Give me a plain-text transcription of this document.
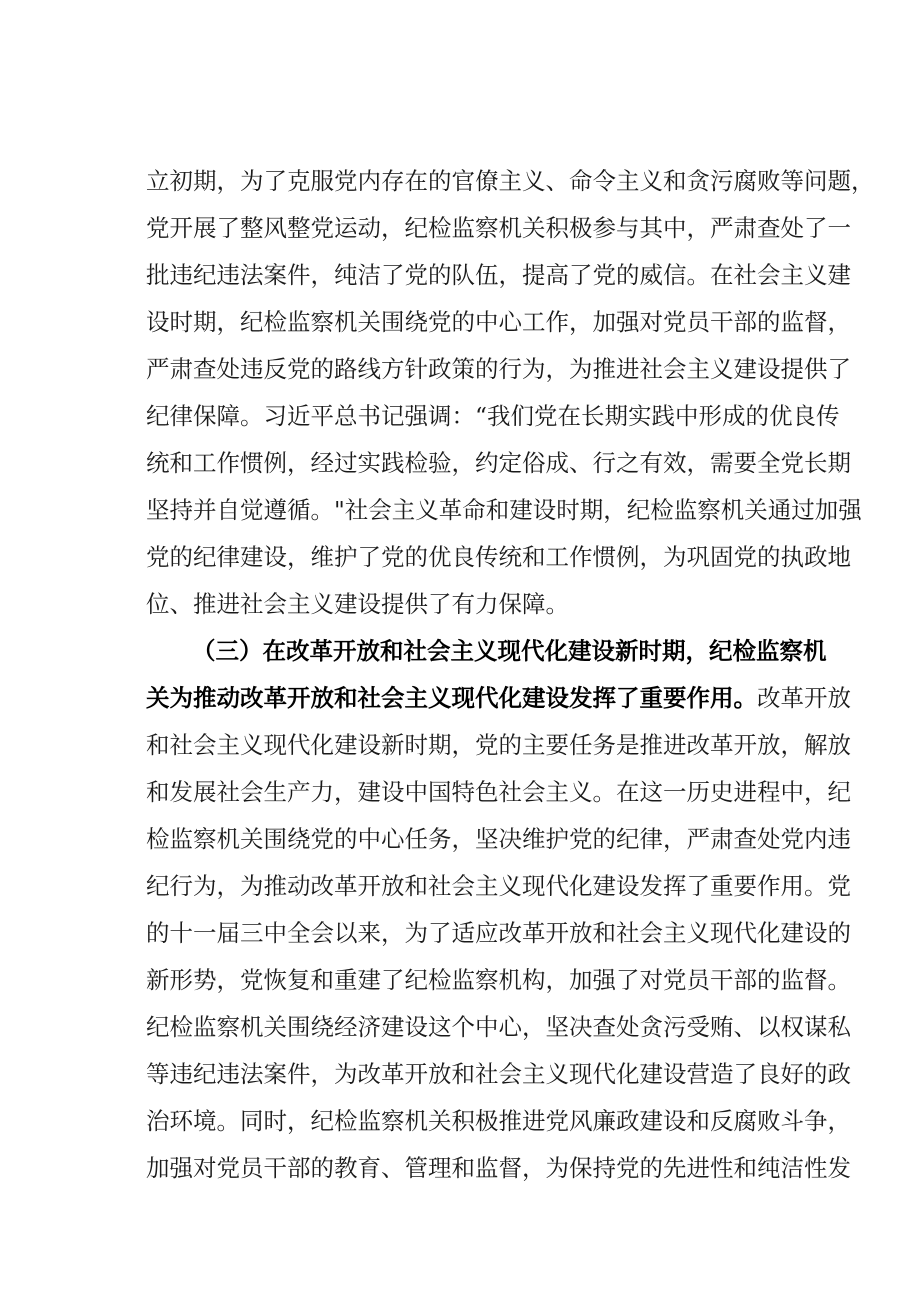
立初期，为了克服党内存在的官僚主义、命令主义和贪污腐败等问题，
党开展了整风整党运动，纪检监察机关积极参与其中，严肃查处了一
批违纪违法案件，纯洁了党的队伍，提高了党的威信。在社会主义建
设时期，纪检监察机关围绕党的中心工作，加强对党员干部的监督，
严肃查处违反党的路线方针政策的行为，为推进社会主义建设提供了
纪律保障。习近平总书记强调：“我们党在长期实践中形成的优良传
统和工作惯例，经过实践检验，约定俗成、行之有效，需要全党长期
坚持并自觉遵循。"社会主义革命和建设时期，纪检监察机关通过加强
党的纪律建设，维护了党的优良传统和工作惯例，为巩固党的执政地
位、推进社会主义建设提供了有力保障。
（三）在改革开放和社会主义现代化建设新时期，纪检监察机
关为推动改革开放和社会主义现代化建设发挥了重要作用。改革开放
和社会主义现代化建设新时期，党的主要任务是推进改革开放，解放
和发展社会生产力，建设中国特色社会主义。在这一历史进程中，纪
检监察机关围绕党的中心任务，坚决维护党的纪律，严肃查处党内违
纪行为，为推动改革开放和社会主义现代化建设发挥了重要作用。党
的十一届三中全会以来，为了适应改革开放和社会主义现代化建设的
新形势，党恢复和重建了纪检监察机构，加强了对党员干部的监督。
纪检监察机关围绕经济建设这个中心，坚决查处贪污受贿、以权谋私
等违纪违法案件，为改革开放和社会主义现代化建设营造了良好的政
治环境。同时，纪检监察机关积极推进党风廉政建设和反腐败斗争，
加强对党员干部的教育、管理和监督，为保持党的先进性和纯洁性发
